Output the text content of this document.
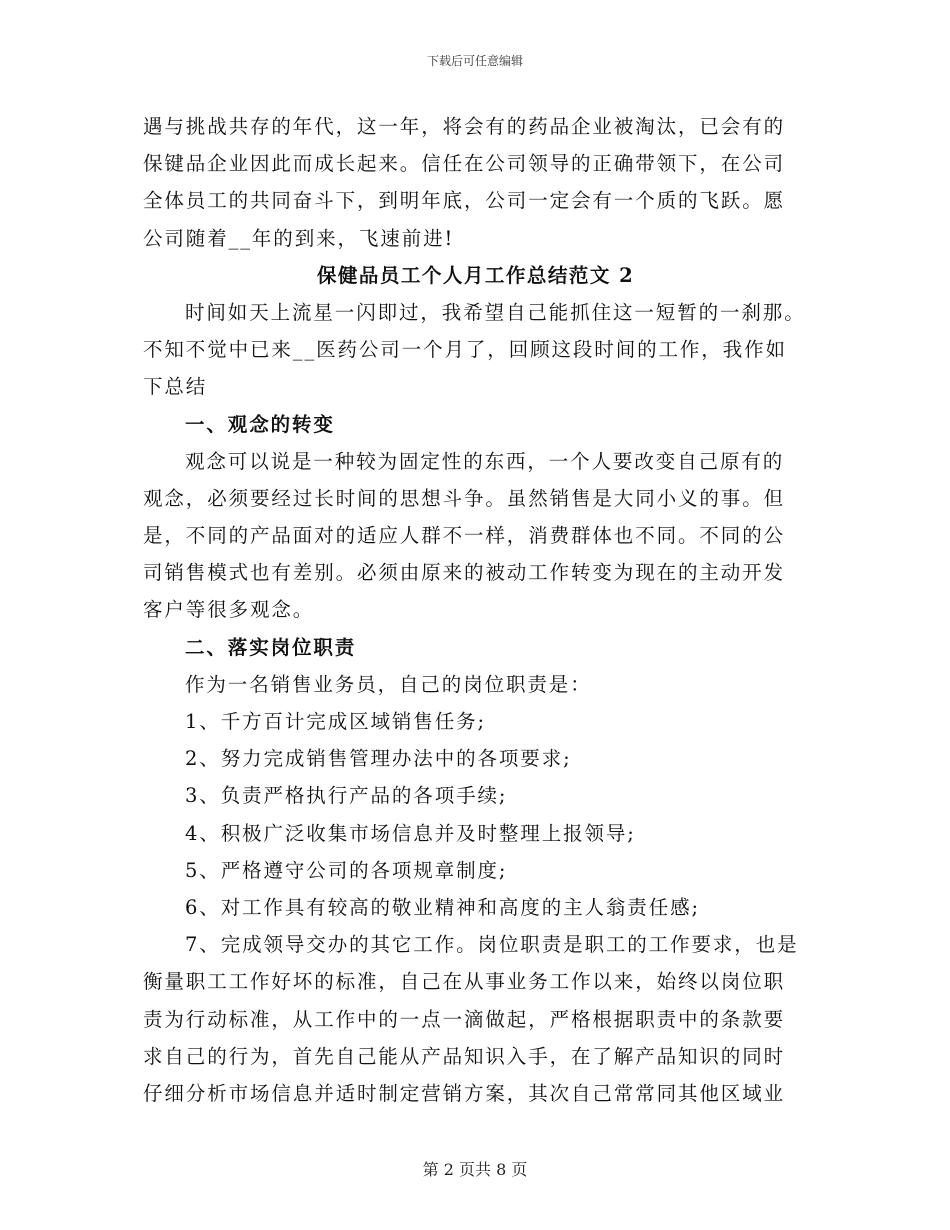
下载后可任意编辑
遇与挑战共存的年代，这一年，将会有的药品企业被淘汰，已会有的
保键品企业因此而成长起来。信任在公司领导的正确带领下，在公司
全体员工的共同奋斗下，到明年底，公司一定会有一个质的飞跃。愿
公司随着__年的到来，飞速前进!
保健品员工个人月工作总结范文 2
时间如天上流星一闪即过，我希望自己能抓住这一短暂的一刹那。
不知不觉中已来__医药公司一个月了，回顾这段时间的工作，我作如
下总结
一、观念的转变
观念可以说是一种较为固定性的东西，一个人要改变自己原有的
观念，必须要经过长时间的思想斗争。虽然销售是大同小义的事。但
是，不同的产品面对的适应人群不一样，消费群体也不同。不同的公
司销售模式也有差别。必须由原来的被动工作转变为现在的主动开发
客户等很多观念。
二、落实岗位职责
作为一名销售业务员，自己的岗位职责是：
1、千方百计完成区域销售任务;
2、努力完成销售管理办法中的各项要求;
3、负责严格执行产品的各项手续;
4、积极广泛收集市场信息并及时整理上报领导;
5、严格遵守公司的各项规章制度;
6、对工作具有较高的敬业精神和高度的主人翁责任感;
7、完成领导交办的其它工作。岗位职责是职工的工作要求，也是
衡量职工工作好坏的标准，自己在从事业务工作以来，始终以岗位职
责为行动标准，从工作中的一点一滴做起，严格根据职责中的条款要
求自己的行为，首先自己能从产品知识入手，在了解产品知识的同时
仔细分析市场信息并适时制定营销方案，其次自己常常同其他区域业
第 2 页共 8 页
